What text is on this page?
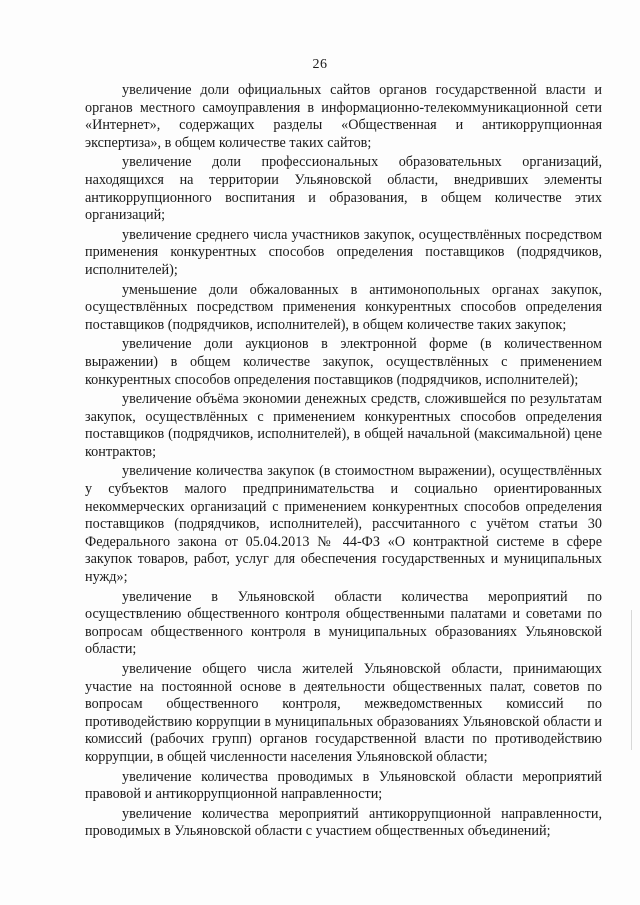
26

увеличение доли официальных сайтов органов государственной власти и органов местного самоуправления в информационно-телекоммуникационной сети «Интернет», содержащих разделы «Общественная и антикоррупционная экспертиза», в общем количестве таких сайтов;

увеличение доли профессиональных образовательных организаций, находящихся на территории Ульяновской области, внедривших элементы антикоррупционного воспитания и образования, в общем количестве этих организаций;

увеличение среднего числа участников закупок, осуществлённых посредством применения конкурентных способов определения поставщиков (подрядчиков, исполнителей);

уменьшение доли обжалованных в антимонопольных органах закупок, осуществлённых посредством применения конкурентных способов определения поставщиков (подрядчиков, исполнителей), в общем количестве таких закупок;

увеличение доли аукционов в электронной форме (в количественном выражении) в общем количестве закупок, осуществлённых с применением конкурентных способов определения поставщиков (подрядчиков, исполнителей);

увеличение объёма экономии денежных средств, сложившейся по результатам закупок, осуществлённых с применением конкурентных способов определения поставщиков (подрядчиков, исполнителей), в общей начальной (максимальной) цене контрактов;

увеличение количества закупок (в стоимостном выражении), осуществлённых у субъектов малого предпринимательства и социально ориентированных некоммерческих организаций с применением конкурентных способов определения поставщиков (подрядчиков, исполнителей), рассчитанного с учётом статьи 30 Федерального закона от 05.04.2013 № 44-ФЗ «О контрактной системе в сфере закупок товаров, работ, услуг для обеспечения государственных и муниципальных нужд»;

увеличение в Ульяновской области количества мероприятий по осуществлению общественного контроля общественными палатами и советами по вопросам общественного контроля в муниципальных образованиях Ульяновской области;

увеличение общего числа жителей Ульяновской области, принимающих участие на постоянной основе в деятельности общественных палат, советов по вопросам общественного контроля, межведомственных комиссий по противодействию коррупции в муниципальных образованиях Ульяновской области и комиссий (рабочих групп) органов государственной власти по противодействию коррупции, в общей численности населения Ульяновской области;

увеличение количества проводимых в Ульяновской области мероприятий правовой и антикоррупционной направленности;

увеличение количества мероприятий антикоррупционной направленности, проводимых в Ульяновской области с участием общественных объединений;
